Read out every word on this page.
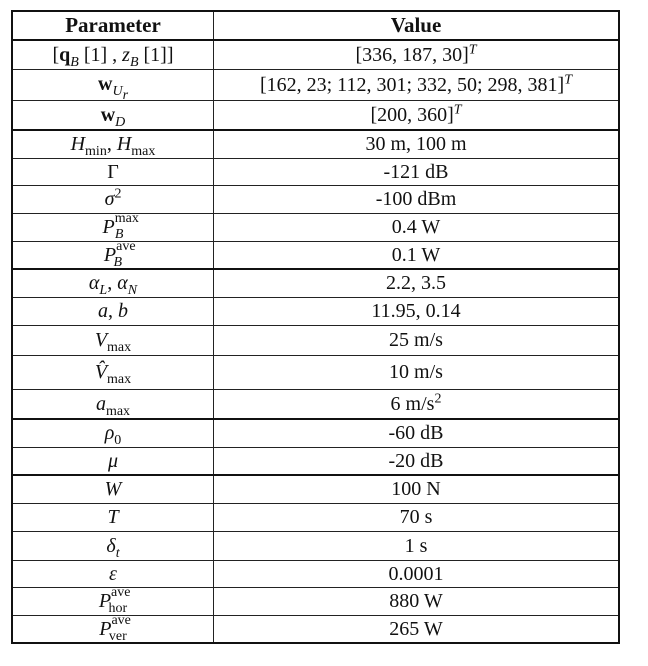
Parameter	Value
[$q_B$ [1] , $z_B$ [1]]	[336, 187, 30]$^T$
$w_{U_r}$	[162, 23; 112, 301; 332, 50; 298, 381]$^T$
$w_D$	[200, 360]$^T$
$H_{min}$, $H_{max}$	30 m, 100 m
Γ	-121 dB
$\sigma^2$	-100 dBm
$P^{max}_B$	0.4 W
$P^{ave}_B$	0.1 W
$\alpha_L$, $\alpha_N$	2.2, 3.5
a, b	11.95, 0.14
$V_{max}$	25 m/s
$V̂_{max}$	10 m/s
$a_{max}$	6 $m/s^2$
$\rho_0$	-60 dB
μ	-20 dB
W	100 N
T	70 s
$\delta_t$	1 s
ε	0.0001
$P^{ave}_{hor}$	880 W
$P^{ave}_{ver}$	265 W
